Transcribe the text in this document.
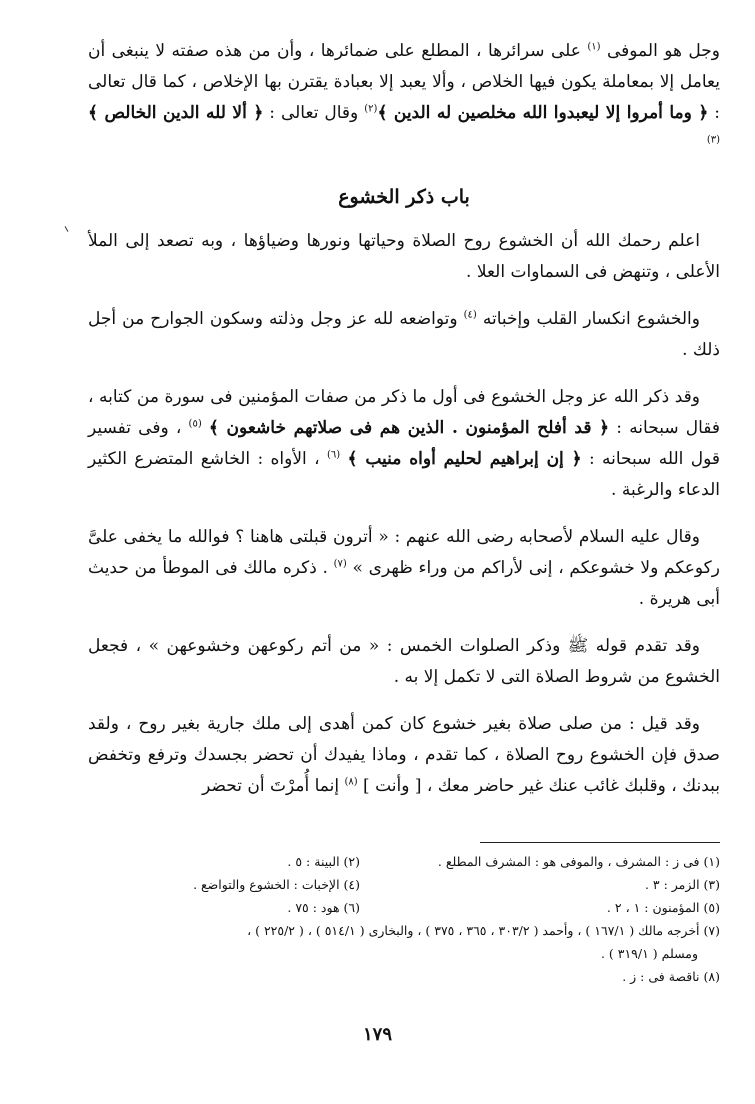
وجل هو الموفى $^{(١)}$ على سرائرها ، المطلع على ضمائرها ، وأن من هذه صفته لا ينبغى أن يعامل إلا بمعاملة يكون فيها الخلاص ، وألا يعبد إلا بعبادة يقترن بها الإخلاص ، كما قال تعالى : ﴿ وما أمروا إلا ليعبدوا الله مخلصين له الدين ﴾$^{(٢)}$ وقال تعالى : ﴿ ألا لله الدين الخالص ﴾ $^{(٣)}$

باب ذكر الخشوع

اعلم رحمك الله أن الخشوع روح الصلاة وحياتها ونورها وضياؤها ، وبه تصعد إلى الملأ الأعلى ، وتنهض فى السماوات العلا .

والخشوع انكسار القلب وإخباته $^{(٤)}$ وتواضعه لله عز وجل وذلته وسكون الجوارح من أجل ذلك .

وقد ذكر الله عز وجل الخشوع فى أول ما ذكر من صفات المؤمنين فى سورة من كتابه ، فقال سبحانه : ﴿ قد أفلح المؤمنون . الذين هم فى صلاتهم خاشعون ﴾ $^{(٥)}$ ، وفى تفسير قول الله سبحانه : ﴿ إن إبراهيم لحليم أواه منيب ﴾ $^{(٦)}$ ، الأواه : الخاشع المتضرع الكثير الدعاء والرغبة .

وقال عليه السلام لأصحابه رضى الله عنهم : « أترون قبلتى هاهنا ؟ فوالله ما يخفى علىَّ ركوعكم ولا خشوعكم ، إنى لأراكم من وراء ظهرى » $^{(٧)}$ . ذكره مالك فى الموطأ من حديث أبى هريرة .

وقد تقدم قوله ﷺ وذكر الصلوات الخمس : « من أتم ركوعهن وخشوعهن » ، فجعل الخشوع من شروط الصلاة التى لا تكمل إلا به .

وقد قيل : من صلى صلاة بغير خشوع كان كمن أهدى إلى ملك جارية بغير روح ، ولقد صدق فإن الخشوع روح الصلاة ، كما تقدم ، وماذا يفيدك أن تحضر بجسدك وترفع وتخفض ببدنك ، وقلبك غائب عنك غير حاضر معك ، [ وأنت ] $^{(٨)}$ إنما أُمرْتَ أن تحضر

(١) فى ز : المشرف ، والموفى هو : المشرف المطلع .
(٢) البينة : ٥ .
(٣) الزمر : ٣ .
(٤) الإخبات : الخشوع والتواضع .
(٥) المؤمنون : ١ ، ٢ .
(٦) هود : ٧٥ .
(٧) أخرجه مالك ( ١٦٧/١ ) ، وأحمد ( ٣٠٣/٢ ، ٣٦٥ ، ٣٧٥ ) ، والبخارى ( ٥١٤/١ ) ، ( ٢٢٥/٢ ) ،
ومسلم ( ٣١٩/١ ) .
(٨) ناقصة فى : ز .
١٧٩
